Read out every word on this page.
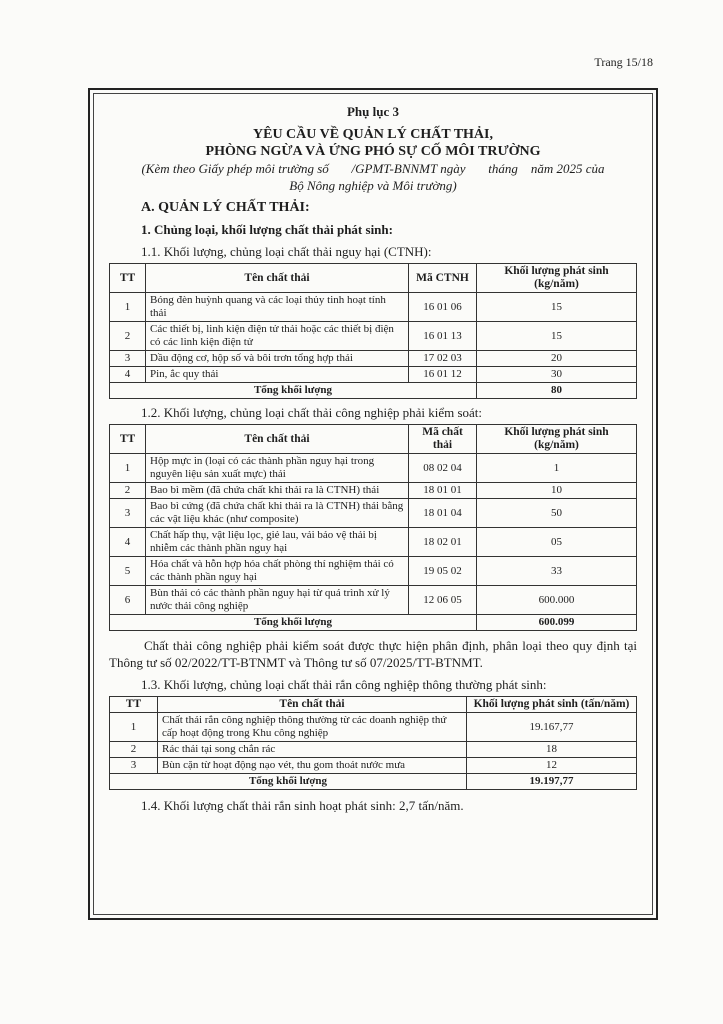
Trang 15/18
Phụ lục 3
YÊU CẦU VỀ QUẢN LÝ CHẤT THẢI,
PHÒNG NGỪA VÀ ỨNG PHÓ SỰ CỐ MÔI TRƯỜNG
(Kèm theo Giấy phép môi trường số       /GPMT-BNNMT ngày       tháng    năm 2025 của
Bộ Nông nghiệp và Môi trường)
A. QUẢN LÝ CHẤT THẢI:
1. Chủng loại, khối lượng chất thải phát sinh:
1.1. Khối lượng, chủng loại chất thải nguy hại (CTNH):
TT	Tên chất thải	Mã CTNH	Khối lượng phát sinh (kg/năm)
1	Bóng đèn huỳnh quang và các loại thủy tinh hoạt tính thải	16 01 06	15
2	Các thiết bị, linh kiện điện tử thải hoặc các thiết bị điện có các linh kiện điện tử	16 01 13	15
3	Dầu động cơ, hộp số và bôi trơn tổng hợp thải	17 02 03	20
4	Pin, ắc quy thải	16 01 12	30
Tổng khối lượng			80
1.2. Khối lượng, chủng loại chất thải công nghiệp phải kiểm soát:
TT	Tên chất thải	Mã chất thải	Khối lượng phát sinh (kg/năm)
1	Hộp mực in (loại có các thành phần nguy hại trong nguyên liệu sản xuất mực) thải	08 02 04	1
2	Bao bì mềm (đã chứa chất khi thải ra là CTNH) thải	18 01 01	10
3	Bao bì cứng (đã chứa chất khi thải ra là CTNH) thải bằng các vật liệu khác (như composite)	18 01 04	50
4	Chất hấp thụ, vật liệu lọc, giẻ lau, vải bảo vệ thải bị nhiễm các thành phần nguy hại	18 02 01	05
5	Hóa chất và hỗn hợp hóa chất phòng thí nghiệm thải có các thành phần nguy hại	19 05 02	33
6	Bùn thải có các thành phần nguy hại từ quá trình xử lý nước thải công nghiệp	12 06 05	600.000
Tổng khối lượng			600.099
Chất thải công nghiệp phải kiểm soát được thực hiện phân định, phân loại theo quy định tại Thông tư số 02/2022/TT-BTNMT và Thông tư số 07/2025/TT-BTNMT.
1.3. Khối lượng, chủng loại chất thải rắn công nghiệp thông thường phát sinh:
TT	Tên chất thải	Khối lượng phát sinh (tấn/năm)
1	Chất thải rắn công nghiệp thông thường từ các doanh nghiệp thứ cấp hoạt động trong Khu công nghiệp	19.167,77
2	Rác thải tại song chắn rác	18
3	Bùn cặn từ hoạt động nạo vét, thu gom thoát nước mưa	12
Tổng khối lượng		19.197,77
1.4. Khối lượng chất thải rắn sinh hoạt phát sinh: 2,7 tấn/năm.
